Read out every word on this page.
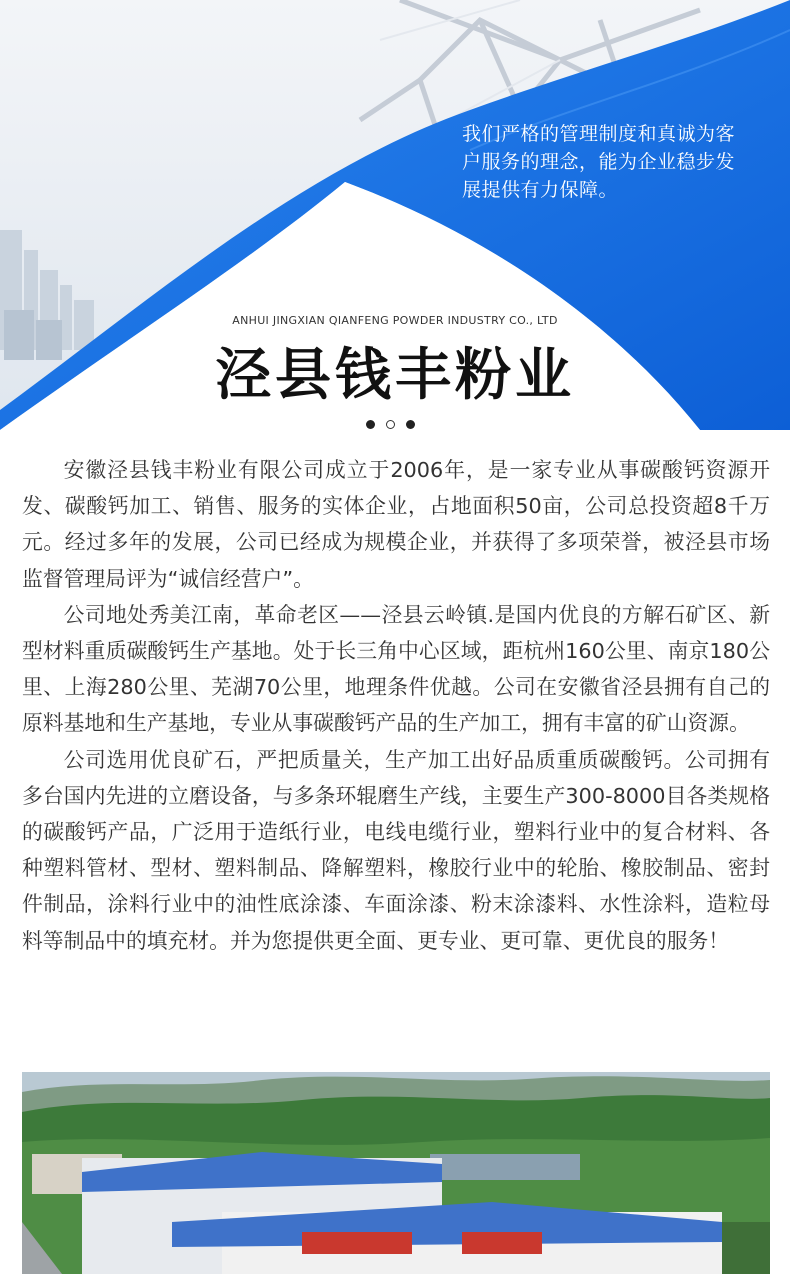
我们严格的管理制度和真诚为客
户服务的理念，能为企业稳步发
展提供有力保障。
ANHUI JINGXIAN QIANFENG POWDER INDUSTRY CO., LTD
泾县钱丰粉业

安徽泾县钱丰粉业有限公司成立于2006年，是一家专业从事碳酸钙资源开发、碳酸钙加工、销售、服务的实体企业，占地面积50亩，公司总投资超8千万元。经过多年的发展，公司已经成为规模企业，并获得了多项荣誉，被泾县市场监督管理局评为“诚信经营户”。

公司地处秀美江南，革命老区——泾县云岭镇.是国内优良的方解石矿区、新型材料重质碳酸钙生产基地。处于长三角中心区域，距杭州160公里、南京180公里、上海280公里、芜湖70公里，地理条件优越。公司在安徽省泾县拥有自己的原料基地和生产基地，专业从事碳酸钙产品的生产加工，拥有丰富的矿山资源。

公司选用优良矿石，严把质量关，生产加工出好品质重质碳酸钙。公司拥有多台国内先进的立磨设备，与多条环辊磨生产线，主要生产300-8000目各类规格的碳酸钙产品，广泛用于造纸行业，电线电缆行业，塑料行业中的复合材料、各种塑料管材、型材、塑料制品、降解塑料，橡胶行业中的轮胎、橡胶制品、密封件制品，涂料行业中的油性底涂漆、车面涂漆、粉末涂漆料、水性涂料，造粒母料等制品中的填充材。并为您提供更全面、更专业、更可靠、更优良的服务！
